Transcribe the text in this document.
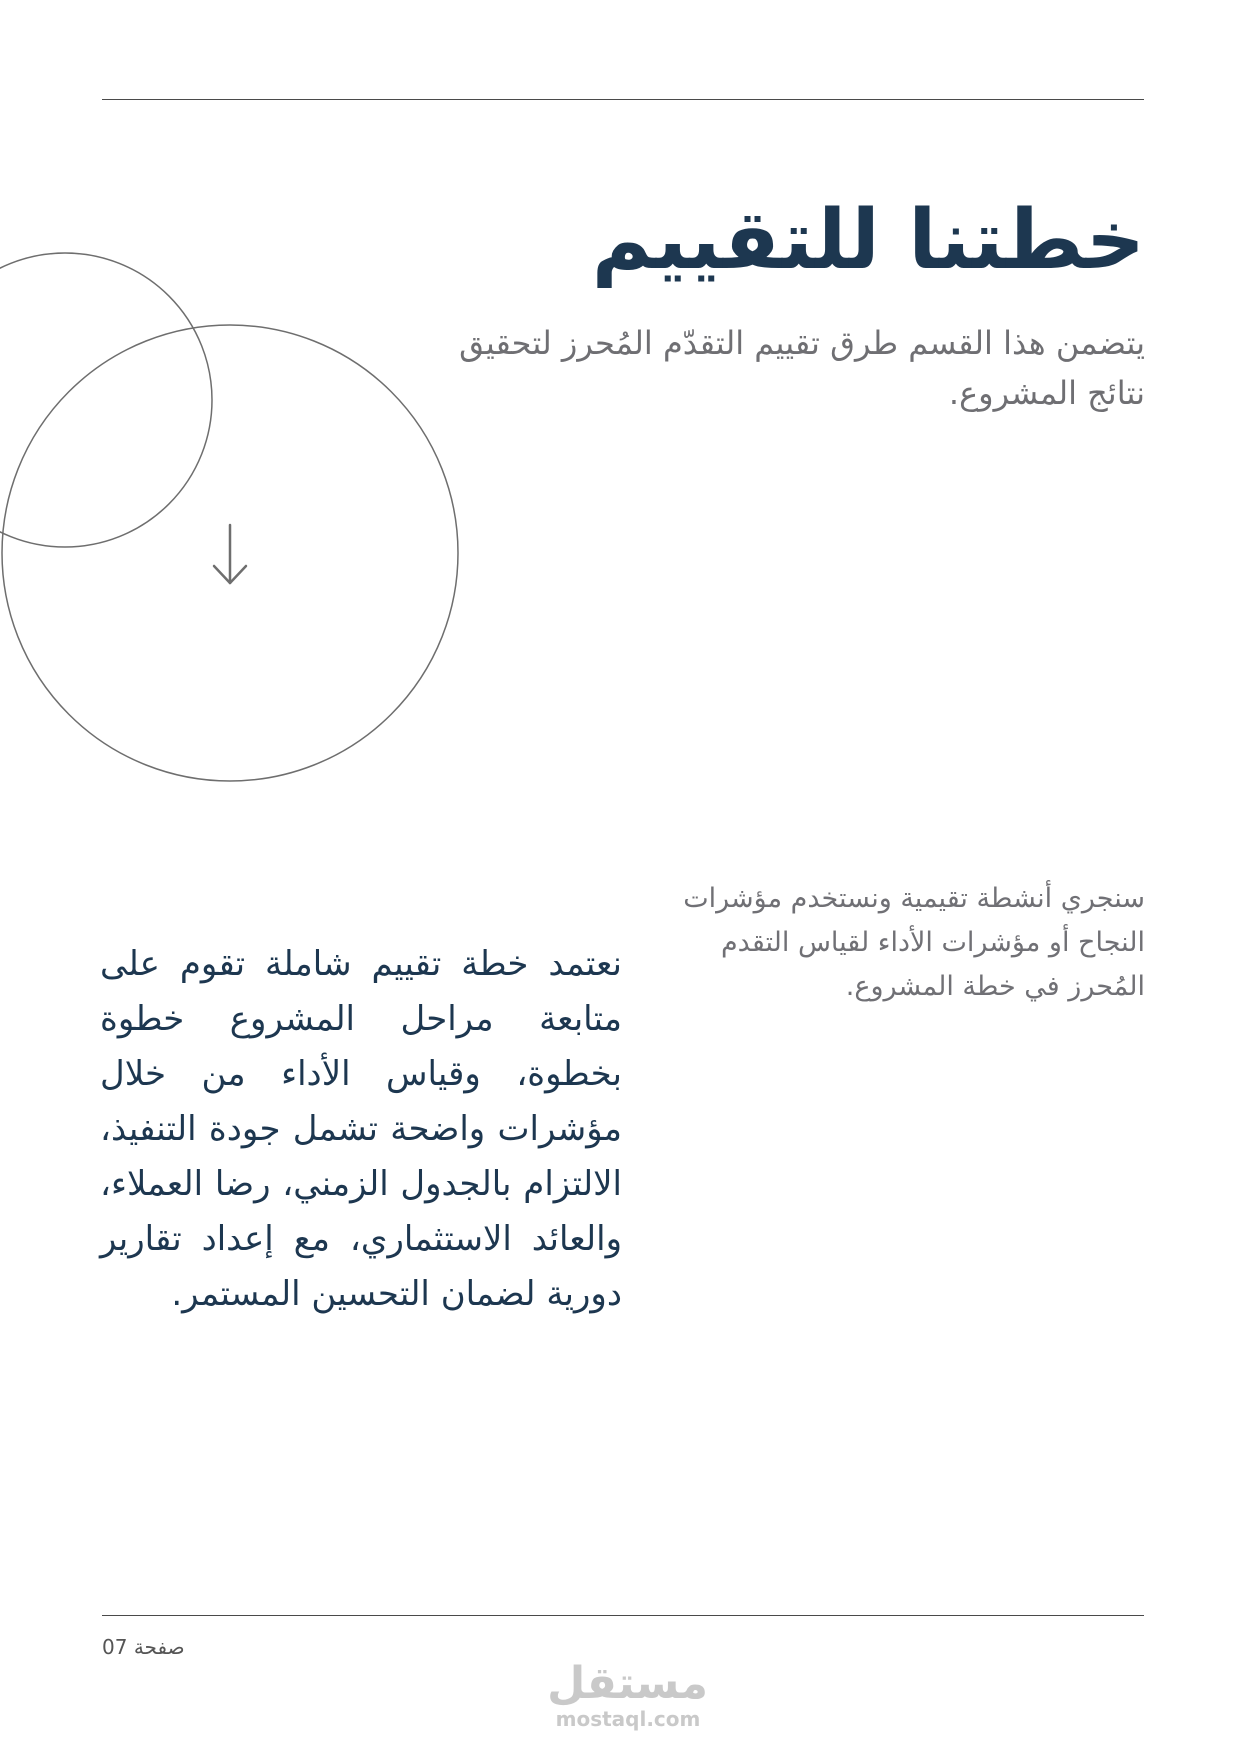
خطتنا للتقييم
يتضمن هذا القسم طرق تقييم التقدّم المُحرز لتحقيق نتائج المشروع.
سنجري أنشطة تقيمية ونستخدم مؤشرات النجاح أو مؤشرات الأداء لقياس التقدم المُحرز في خطة المشروع.
نعتمد خطة تقييم شاملة تقوم على متابعة مراحل المشروع خطوة بخطوة، وقياس الأداء من خلال مؤشرات واضحة تشمل جودة التنفيذ، الالتزام بالجدول الزمني، رضا العملاء، والعائد الاستثماري، مع إعداد تقارير دورية لضمان التحسين المستمر.
07 صفحة
مستقل
mostaql.com
